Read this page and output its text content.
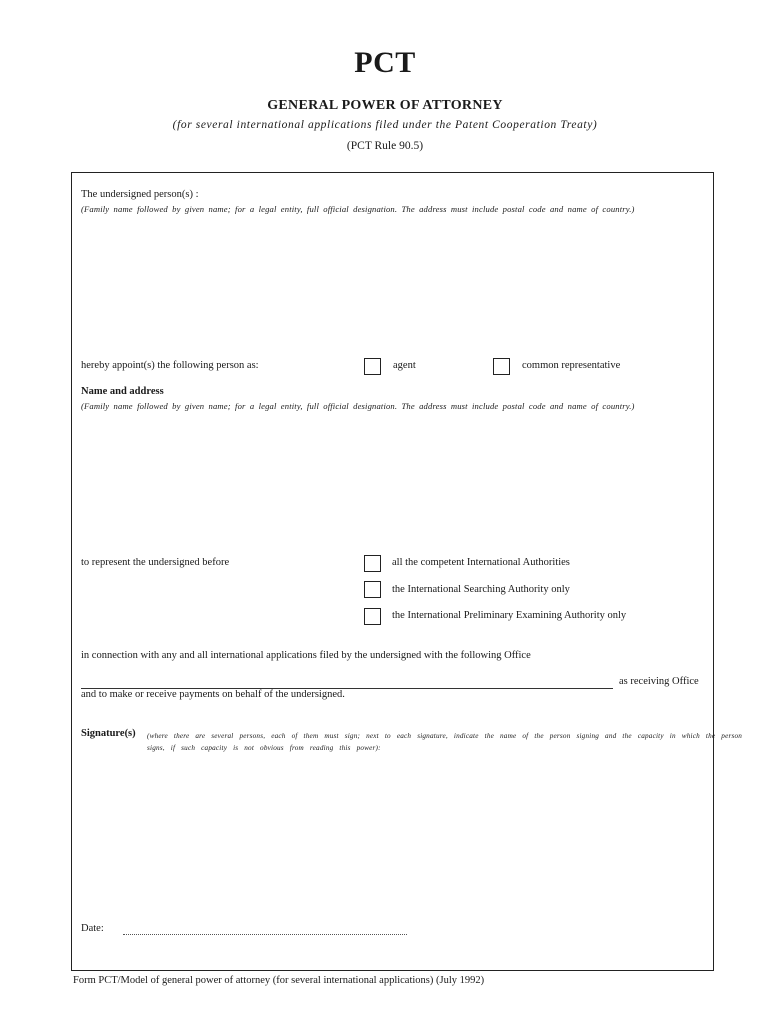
PCT
GENERAL POWER OF ATTORNEY
(for several international applications filed under the Patent Cooperation Treaty)
(PCT Rule 90.5)
The undersigned person(s) :
(Family name followed by given name; for a legal entity, full official designation. The address must include postal code and name of country.)
hereby appoint(s) the following person as:	agent	common representative
Name and address
(Family name followed by given name; for a legal entity, full official designation. The address must include postal code and name of country.)
to represent the undersigned before	all the competent International Authorities
the International Searching Authority only
the International Preliminary Examining Authority only
in connection with any and all international applications filed by the undersigned with the following Office
as receiving Office
and to make or receive payments on behalf of the undersigned.
Signature(s) (where there are several persons, each of them must sign; next to each signature, indicate the name of the person signing and the capacity in which the person
signs, if such capacity is not obvious from reading this power):
Date:
Form PCT/Model of general power of attorney (for several international applications) (July 1992)
